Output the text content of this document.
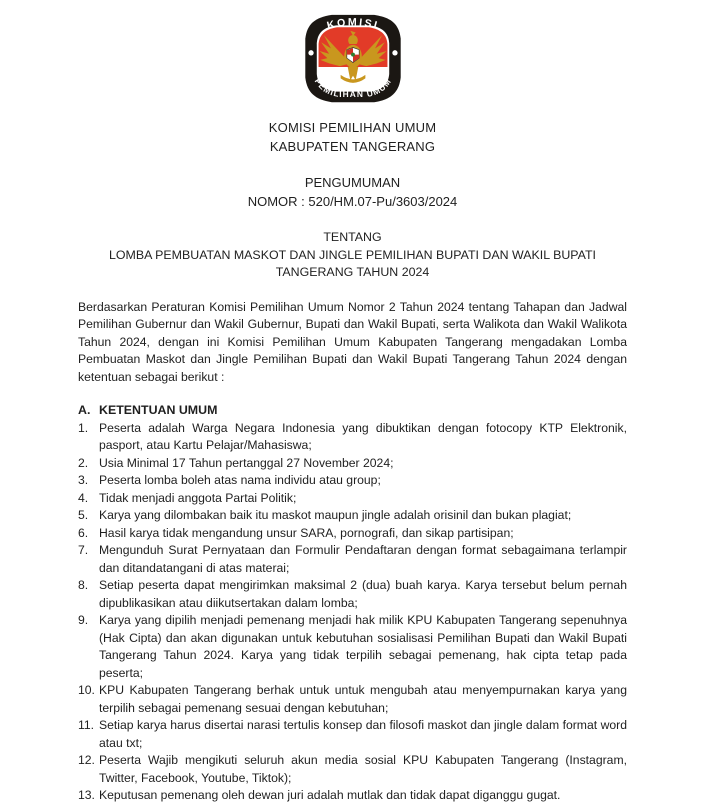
KOMISI
PEMILIHAN UMUM
KOMISI PEMILIHAN UMUM
KABUPATEN TANGERANG
PENGUMUMAN
NOMOR : 520/HM.07-Pu/3603/2024
TENTANG
LOMBA PEMBUATAN MASKOT DAN JINGLE PEMILIHAN BUPATI DAN WAKIL BUPATI
TANGERANG TAHUN 2024

Berdasarkan Peraturan Komisi Pemilihan Umum Nomor 2 Tahun 2024 tentang Tahapan dan Jadwal Pemilihan Gubernur dan Wakil Gubernur, Bupati dan Wakil Bupati, serta Walikota dan Wakil Walikota Tahun 2024, dengan ini Komisi Pemilihan Umum Kabupaten Tangerang mengadakan Lomba Pembuatan Maskot dan Jingle Pemilihan Bupati dan Wakil Bupati Tangerang Tahun 2024 dengan ketentuan sebagai berikut :

A. KETENTUAN UMUM
1. Peserta adalah Warga Negara Indonesia yang dibuktikan dengan fotocopy KTP Elektronik, pasport, atau Kartu Pelajar/Mahasiswa;
2. Usia Minimal 17 Tahun pertanggal 27 November 2024;
3. Peserta lomba boleh atas nama individu atau group;
4. Tidak menjadi anggota Partai Politik;
5. Karya yang dilombakan baik itu maskot maupun jingle adalah orisinil dan bukan plagiat;
6. Hasil karya tidak mengandung unsur SARA, pornografi, dan sikap partisipan;
7. Mengunduh Surat Pernyataan dan Formulir Pendaftaran dengan format sebagaimana terlampir dan ditandatangani di atas materai;
8. Setiap peserta dapat mengirimkan maksimal 2 (dua) buah karya. Karya tersebut belum pernah dipublikasikan atau diikutsertakan dalam lomba;
9. Karya yang dipilih menjadi pemenang menjadi hak milik KPU Kabupaten Tangerang sepenuhnya (Hak Cipta) dan akan digunakan untuk kebutuhan sosialisasi Pemilihan Bupati dan Wakil Bupati Tangerang Tahun 2024. Karya yang tidak terpilih sebagai pemenang, hak cipta tetap pada peserta;
10. KPU Kabupaten Tangerang berhak untuk untuk mengubah atau menyempurnakan karya yang terpilih sebagai pemenang sesuai dengan kebutuhan;
11. Setiap karya harus disertai narasi tertulis konsep dan filosofi maskot dan jingle dalam format word atau txt;
12. Peserta Wajib mengikuti seluruh akun media sosial KPU Kabupaten Tangerang (Instagram, Twitter, Facebook, Youtube, Tiktok);
13. Keputusan pemenang oleh dewan juri adalah mutlak dan tidak dapat diganggu gugat.
